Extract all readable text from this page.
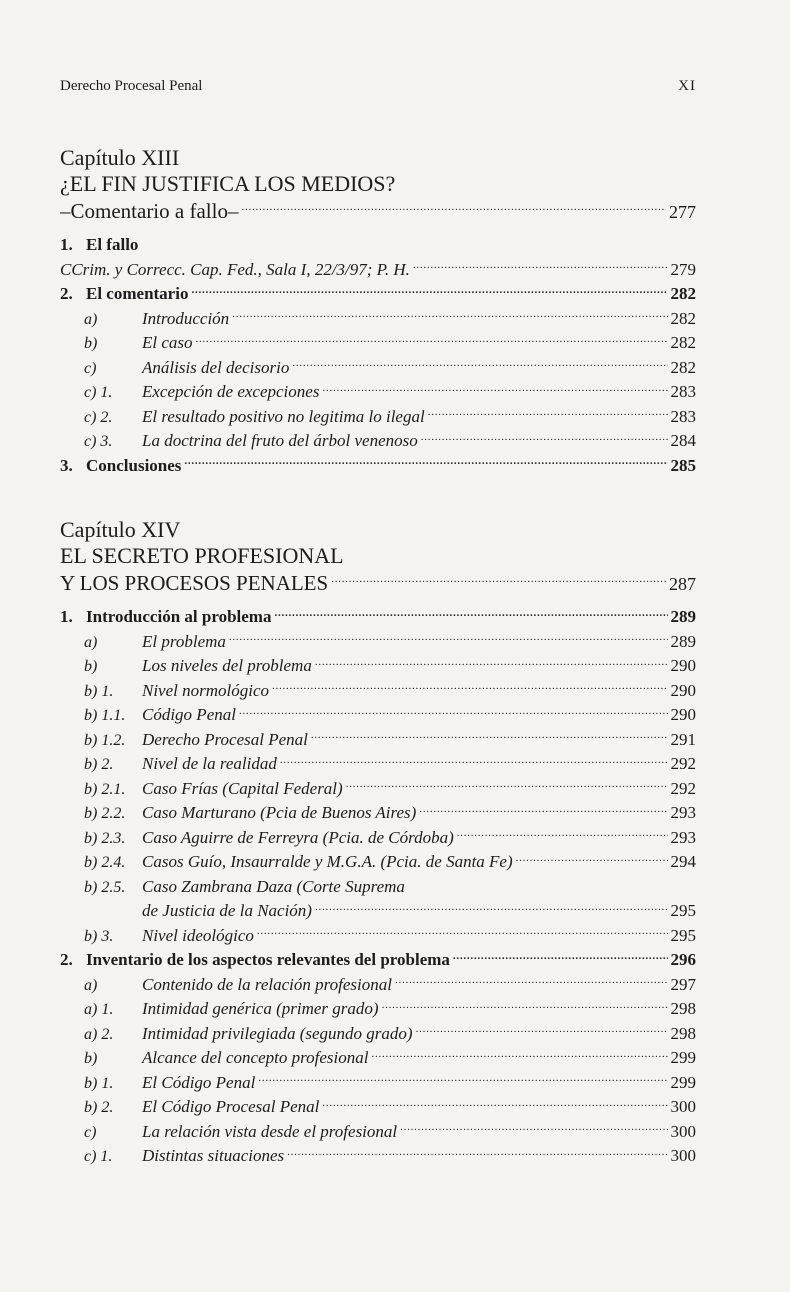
Derecho Procesal Penal	XI
Capítulo XIII
¿EL FIN JUSTIFICA LOS MEDIOS?
–Comentario a fallo– . . .	277
1. El fallo
CCrim. y Correcc. Cap. Fed., Sala I, 22/3/97; P. H. . . .	279
2. El comentario . . .	282
a)	Introducción . . .	282
b)	El caso . . .	282
c)	Análisis del decisorio . . .	282
c) 1.	Excepción de excepciones . . .	283
c) 2.	El resultado positivo no legitima lo ilegal . . .	283
c) 3.	La doctrina del fruto del árbol venenoso . . .	284
3. Conclusiones . . .	285
Capítulo XIV
EL SECRETO PROFESIONAL
Y LOS PROCESOS PENALES . . .	287
1. Introducción al problema . . .	289
a)	El problema . . .	289
b)	Los niveles del problema . . .	290
b) 1.	Nivel normológico . . .	290
b) 1.1. Código Penal . . .	290
b) 1.2. Derecho Procesal Penal . . .	291
b) 2.	Nivel de la realidad . . .	292
b) 2.1. Caso Frías (Capital Federal) . . .	292
b) 2.2. Caso Marturano (Pcia de Buenos Aires) . . .	293
b) 2.3. Caso Aguirre de Ferreyra (Pcia. de Córdoba) . . .	293
b) 2.4. Casos Guío, Insaurralde y M.G.A. (Pcia. de Santa Fe) . . .	294
b) 2.5. Caso Zambrana Daza (Corte Suprema
de Justicia de la Nación) . . .	295
b) 3.	Nivel ideológico . . .	295
2. Inventario de los aspectos relevantes del problema . . .	296
a)	Contenido de la relación profesional . . .	297
a) 1.	Intimidad genérica (primer grado) . . .	298
a) 2.	Intimidad privilegiada (segundo grado) . . .	298
b)	Alcance del concepto profesional . . .	299
b) 1.	El Código Penal . . .	299
b) 2.	El Código Procesal Penal . . .	300
c)	La relación vista desde el profesional . . .	300
c) 1.	Distintas situaciones . . .	300
